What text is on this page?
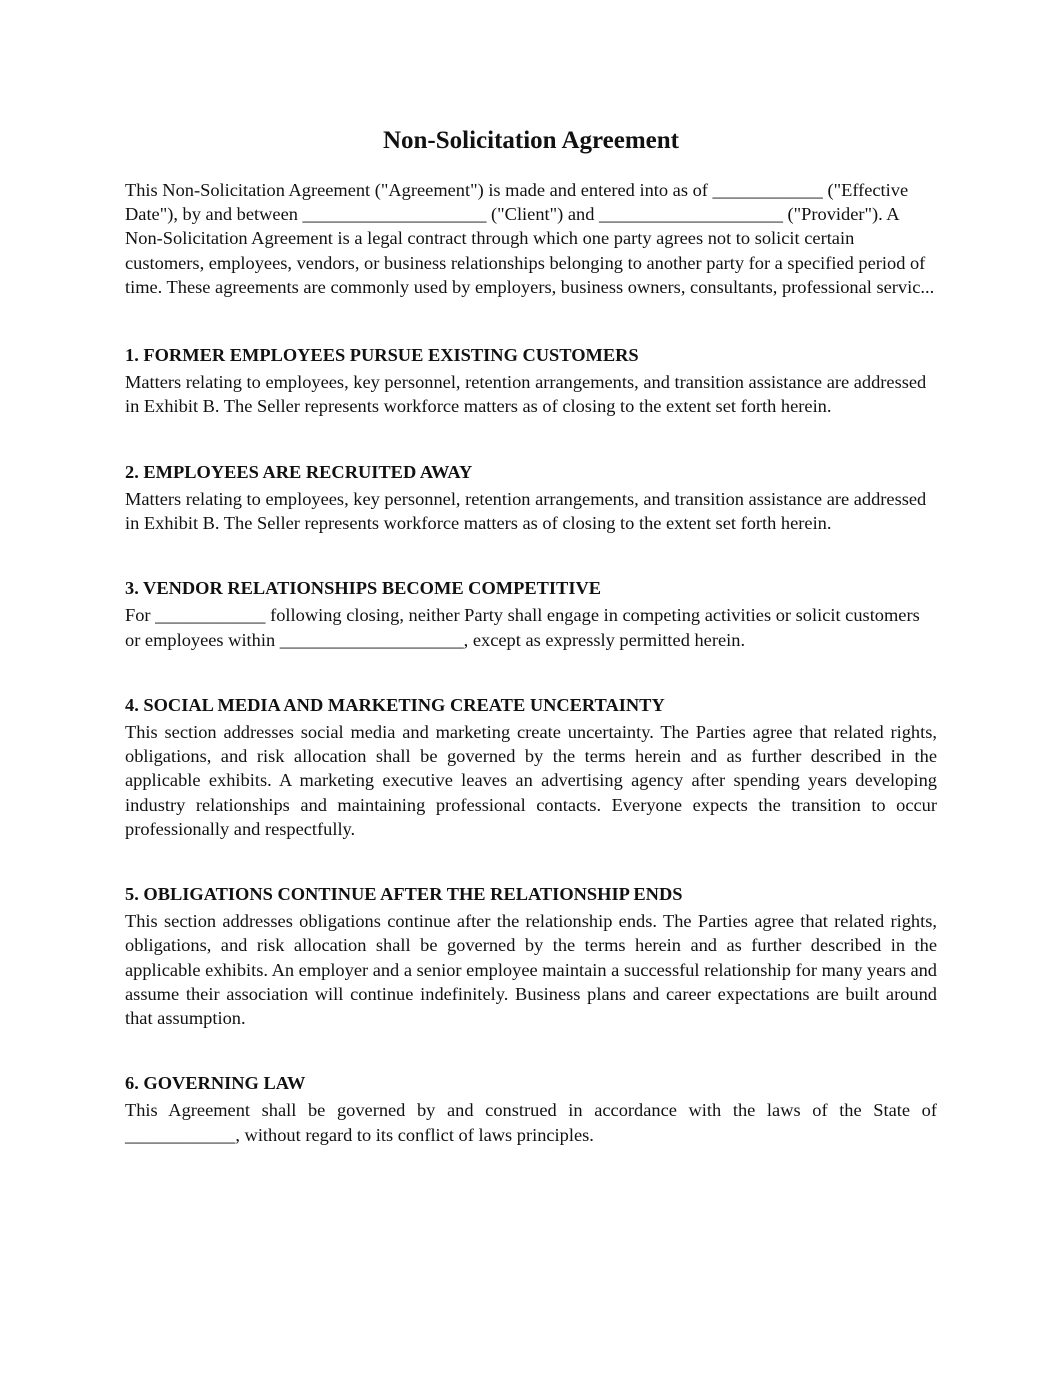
Non-Solicitation Agreement

This Non-Solicitation Agreement ("Agreement") is made and entered into as of ____________ ("Effective Date"), by and between ____________________ ("Client") and ____________________ ("Provider"). A Non-Solicitation Agreement is a legal contract through which one party agrees not to solicit certain customers, employees, vendors, or business relationships belonging to another party for a specified period of time. These agreements are commonly used by employers, business owners, consultants, professional servic...

1. FORMER EMPLOYEES PURSUE EXISTING CUSTOMERS

Matters relating to employees, key personnel, retention arrangements, and transition assistance are addressed in Exhibit B. The Seller represents workforce matters as of closing to the extent set forth herein.

2. EMPLOYEES ARE RECRUITED AWAY

Matters relating to employees, key personnel, retention arrangements, and transition assistance are addressed in Exhibit B. The Seller represents workforce matters as of closing to the extent set forth herein.

3. VENDOR RELATIONSHIPS BECOME COMPETITIVE

For ____________ following closing, neither Party shall engage in competing activities or solicit customers or employees within ____________________, except as expressly permitted herein.

4. SOCIAL MEDIA AND MARKETING CREATE UNCERTAINTY

This section addresses social media and marketing create uncertainty. The Parties agree that related rights, obligations, and risk allocation shall be governed by the terms herein and as further described in the applicable exhibits. A marketing executive leaves an advertising agency after spending years developing industry relationships and maintaining professional contacts. Everyone expects the transition to occur professionally and respectfully.

5. OBLIGATIONS CONTINUE AFTER THE RELATIONSHIP ENDS

This section addresses obligations continue after the relationship ends. The Parties agree that related rights, obligations, and risk allocation shall be governed by the terms herein and as further described in the applicable exhibits. An employer and a senior employee maintain a successful relationship for many years and assume their association will continue indefinitely. Business plans and career expectations are built around that assumption.

6. GOVERNING LAW

This Agreement shall be governed by and construed in accordance with the laws of the State of ____________, without regard to its conflict of laws principles.
